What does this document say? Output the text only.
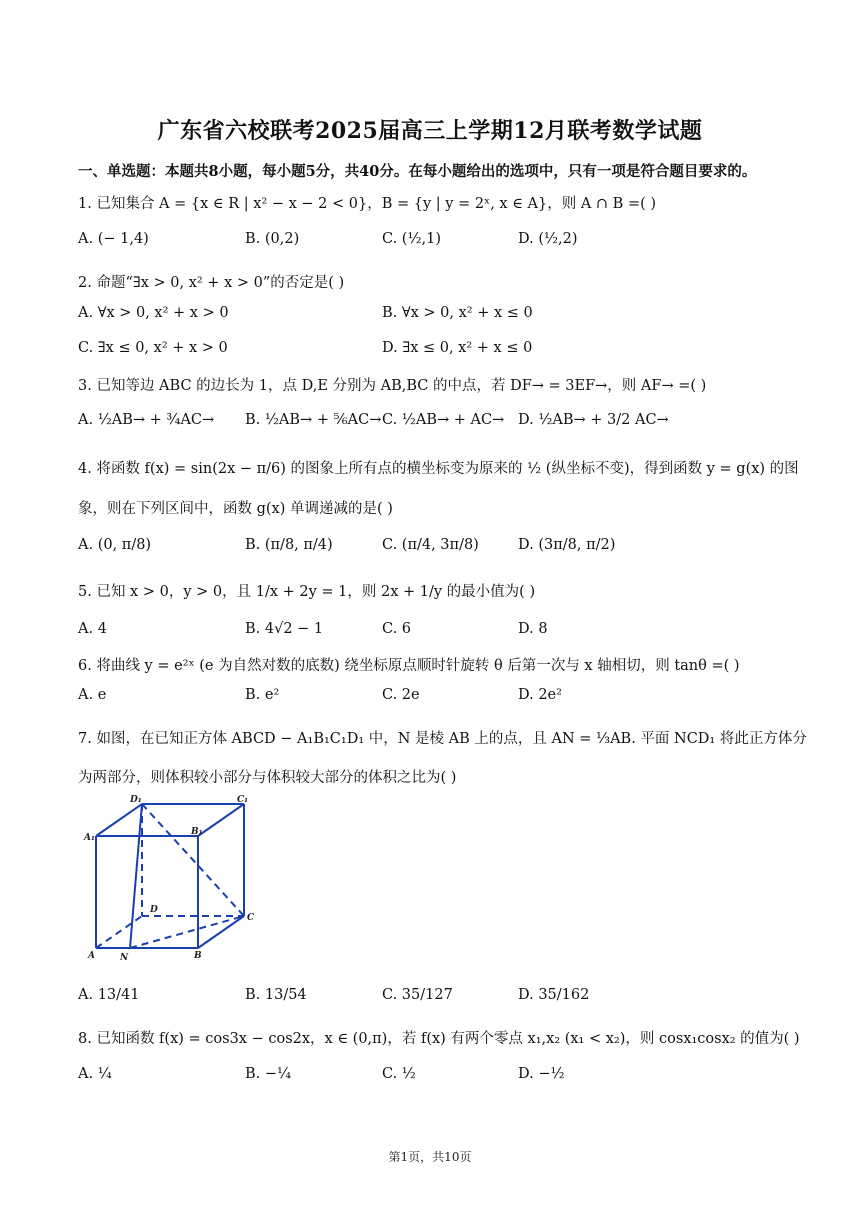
广东省六校联考2025届高三上学期12月联考数学试题
一、单选题：本题共8小题，每小题5分，共40分。在每小题给出的选项中，只有一项是符合题目要求的。
1. 已知集合 A = {x ∈ R | x² − x − 2 < 0}，B = {y | y = 2ˣ, x ∈ A}，则 A ∩ B =( )
A. (− 1,4)	B. (0,2)	C. (½,1)	D. (½,2)
2. 命题“∃x > 0, x² + x > 0”的否定是( )
A. ∀x > 0, x² + x > 0	B. ∀x > 0, x² + x ≤ 0
C. ∃x ≤ 0, x² + x > 0	D. ∃x ≤ 0, x² + x ≤ 0
3. 已知等边 ABC 的边长为 1，点 D,E 分别为 AB,BC 的中点，若 DF→ = 3EF→，则 AF→ =( )
A. ½AB→ + ¾AC→ B. ½AB→ + ⅚AC→ C. ½AB→ + AC→ D. ½AB→ + 3/2 AC→
4. 将函数 f(x) = sin(2x − π/6) 的图象上所有点的横坐标变为原来的 ½ (纵坐标不变)，得到函数 y = g(x) 的图
象，则在下列区间中，函数 g(x) 单调递减的是( )
A. (0, π/8)	B. (π/8, π/4)	C. (π/4, 3π/8)	D. (3π/8, π/2)
5. 已知 x > 0，y > 0，且 1/x + 2y = 1，则 2x + 1/y 的最小值为( )
A. 4	B. 4√2 − 1	C. 6	D. 8
6. 将曲线 y = e²ˣ (e 为自然对数的底数) 绕坐标原点顺时针旋转 θ 后第一次与 x 轴相切，则 tanθ =( )
A. e	B. e²	C. 2e	D. 2e²
7. 如图，在已知正方体 ABCD − A₁B₁C₁D₁ 中，N 是棱 AB 上的点，且 AN = ⅓AB. 平面 NCD₁ 将此正方体分
为两部分，则体积较小部分与体积较大部分的体积之比为( )
D₁	C₁
A₁
B₁
D
C
A	N	B
A. 13/41	B. 13/54	C. 35/127	D. 35/162
8. 已知函数 f(x) = cos3x − cos2x，x ∈ (0,π)，若 f(x) 有两个零点 x₁,x₂ (x₁ < x₂)，则 cosx₁cosx₂ 的值为( )
A. ¼	B. −¼	C. ½	D. −½
第1页，共10页
